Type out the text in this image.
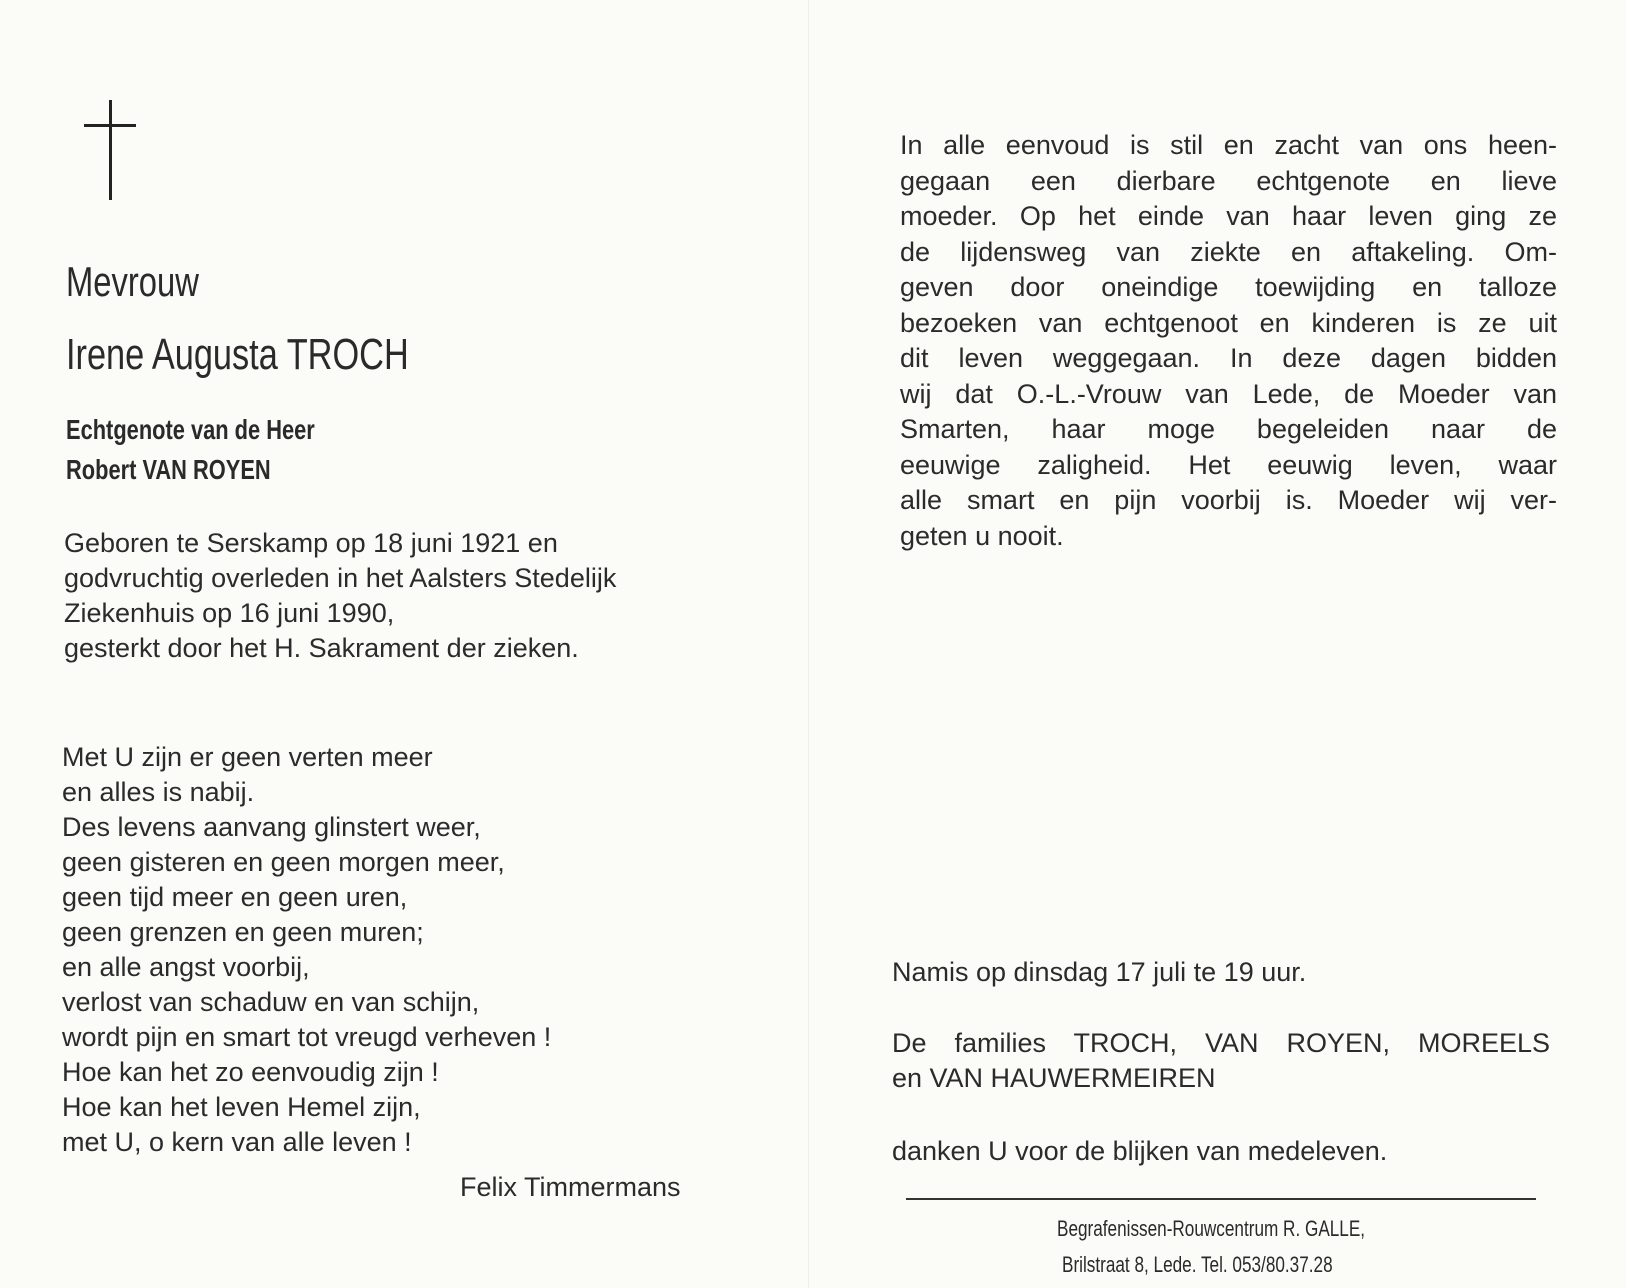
Mevrouw
Irene Augusta TROCH
Echtgenote van de Heer
Robert VAN ROYEN
Geboren te Serskamp op 18 juni 1921 en
godvruchtig overleden in het Aalsters Stedelijk
Ziekenhuis op 16 juni 1990,
gesterkt door het H. Sakrament der zieken.
Met U zijn er geen verten meer
en alles is nabij.
Des levens aanvang glinstert weer,
geen gisteren en geen morgen meer,
geen tijd meer en geen uren,
geen grenzen en geen muren;
en alle angst voorbij,
verlost van schaduw en van schijn,
wordt pijn en smart tot vreugd verheven !
Hoe kan het zo eenvoudig zijn !
Hoe kan het leven Hemel zijn,
met U, o kern van alle leven !
Felix Timmermans
In alle eenvoud is stil en zacht van ons heen-
gegaan een dierbare echtgenote en lieve
moeder. Op het einde van haar leven ging ze
de lijdensweg van ziekte en aftakeling. Om-
geven door oneindige toewijding en talloze
bezoeken van echtgenoot en kinderen is ze uit
dit leven weggegaan. In deze dagen bidden
wij dat O.-L.-Vrouw van Lede, de Moeder van
Smarten, haar moge begeleiden naar de
eeuwige zaligheid. Het eeuwig leven, waar
alle smart en pijn voorbij is. Moeder wij ver-
geten u nooit.
Namis op dinsdag 17 juli te 19 uur.
De families TROCH, VAN ROYEN, MOREELS
en VAN HAUWERMEIREN
danken U voor de blijken van medeleven.
Begrafenissen-Rouwcentrum R. GALLE,
Brilstraat 8, Lede. Tel. 053/80.37.28
